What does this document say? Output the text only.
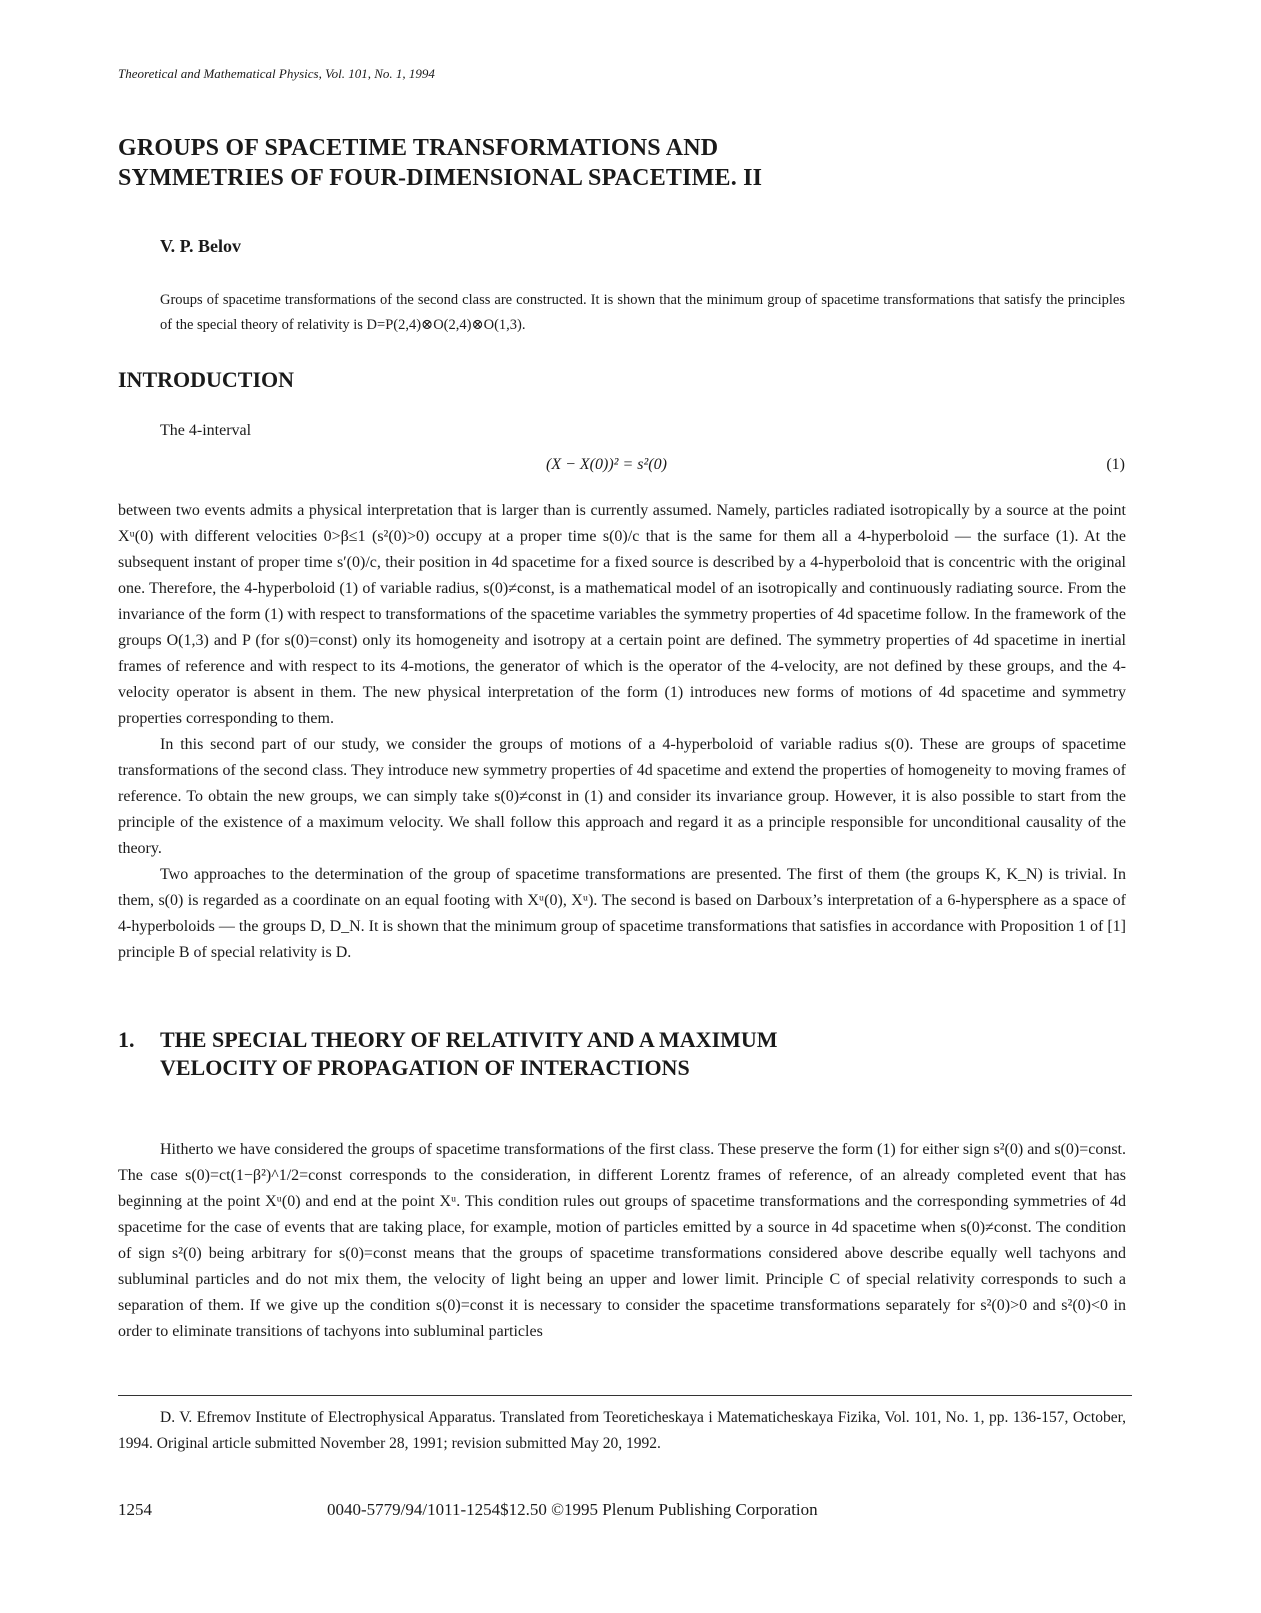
Theoretical and Mathematical Physics, Vol. 101, No. 1, 1994
GROUPS OF SPACETIME TRANSFORMATIONS AND
SYMMETRIES OF FOUR-DIMENSIONAL SPACETIME. II
V. P. Belov

Groups of spacetime transformations of the second class are constructed. It is shown that the minimum group of spacetime transformations that satisfy the principles of the special theory of relativity is D=P(2,4)⊗O(2,4)⊗O(1,3).

INTRODUCTION
The 4-interval
(X − X(0))² = s²(0)	(1)

between two events admits a physical interpretation that is larger than is currently assumed. Namely, particles radiated isotropically by a source at the point Xᵘ(0) with different velocities 0>β≤1 (s²(0)>0) occupy at a proper time s(0)/c that is the same for them all a 4-hyperboloid — the surface (1). At the subsequent instant of proper time s′(0)/c, their position in 4d spacetime for a fixed source is described by a 4-hyperboloid that is concentric with the original one. Therefore, the 4-hyperboloid (1) of variable radius, s(0)≠const, is a mathematical model of an isotropically and continuously radiating source. From the invariance of the form (1) with respect to transformations of the spacetime variables the symmetry properties of 4d spacetime follow. In the framework of the groups O(1,3) and P (for s(0)=const) only its homogeneity and isotropy at a certain point are defined. The symmetry properties of 4d spacetime in inertial frames of reference and with respect to its 4-motions, the generator of which is the operator of the 4-velocity, are not defined by these groups, and the 4-velocity operator is absent in them. The new physical interpretation of the form (1) introduces new forms of motions of 4d spacetime and symmetry properties corresponding to them.

In this second part of our study, we consider the groups of motions of a 4-hyperboloid of variable radius s(0). These are groups of spacetime transformations of the second class. They introduce new symmetry properties of 4d spacetime and extend the properties of homogeneity to moving frames of reference. To obtain the new groups, we can simply take s(0)≠const in (1) and consider its invariance group. However, it is also possible to start from the principle of the existence of a maximum velocity. We shall follow this approach and regard it as a principle responsible for unconditional causality of the theory.

Two approaches to the determination of the group of spacetime transformations are presented. The first of them (the groups K, K_N) is trivial. In them, s(0) is regarded as a coordinate on an equal footing with Xᵘ(0), Xᵘ). The second is based on Darboux’s interpretation of a 6-hypersphere as a space of 4-hyperboloids — the groups D, D_N. It is shown that the minimum group of spacetime transformations that satisfies in accordance with Proposition 1 of [1] principle B of special relativity is D.

1. THE SPECIAL THEORY OF RELATIVITY AND A MAXIMUM
VELOCITY OF PROPAGATION OF INTERACTIONS

Hitherto we have considered the groups of spacetime transformations of the first class. These preserve the form (1) for either sign s²(0) and s(0)=const. The case s(0)=ct(1−β²)^1/2=const corresponds to the consideration, in different Lorentz frames of reference, of an already completed event that has beginning at the point Xᵘ(0) and end at the point Xᵘ. This condition rules out groups of spacetime transformations and the corresponding symmetries of 4d spacetime for the case of events that are taking place, for example, motion of particles emitted by a source in 4d spacetime when s(0)≠const. The condition of sign s²(0) being arbitrary for s(0)=const means that the groups of spacetime transformations considered above describe equally well tachyons and subluminal particles and do not mix them, the velocity of light being an upper and lower limit. Principle C of special relativity corresponds to such a separation of them. If we give up the condition s(0)=const it is necessary to consider the spacetime transformations separately for s²(0)>0 and s²(0)<0 in order to eliminate transitions of tachyons into subluminal particles

D. V. Efremov Institute of Electrophysical Apparatus. Translated from Teoreticheskaya i Matematicheskaya Fizika, Vol. 101, No. 1, pp. 136-157, October, 1994. Original article submitted November 28, 1991; revision submitted May 20, 1992.

1254	0040-5779/94/1011-1254$12.50 ©1995 Plenum Publishing Corporation
